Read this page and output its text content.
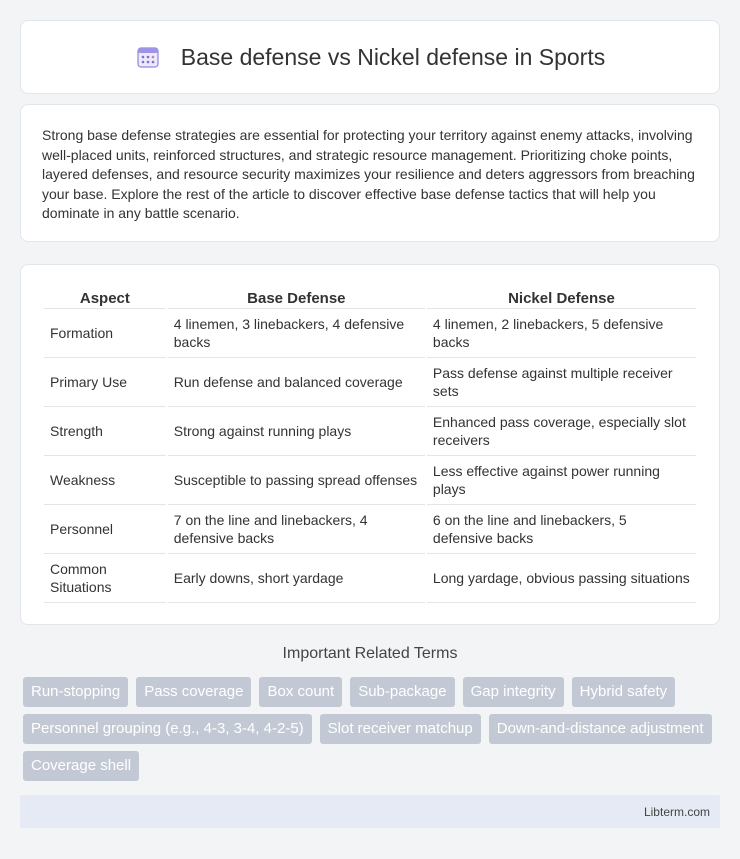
Base defense vs Nickel defense in Sports

Strong base defense strategies are essential for protecting your territory against enemy attacks, involving well-placed units, reinforced structures, and strategic resource management. Prioritizing choke points, layered defenses, and resource security maximizes your resilience and deters aggressors from breaching your base. Explore the rest of the article to discover effective base defense tactics that will help you dominate in any battle scenario.

Aspect	Base Defense	Nickel Defense
Formation	4 linemen, 3 linebackers, 4 defensive backs	4 linemen, 2 linebackers, 5 defensive backs
Primary Use	Run defense and balanced coverage	Pass defense against multiple receiver sets
Strength	Strong against running plays	Enhanced pass coverage, especially slot receivers
Weakness	Susceptible to passing spread offenses	Less effective against power running plays
Personnel	7 on the line and linebackers, 4 defensive backs	6 on the line and linebackers, 5 defensive backs
Common Situations	Early downs, short yardage	Long yardage, obvious passing situations
Important Related Terms
Run-stopping	Pass coverage	Box count	Sub-package	Gap integrity	Hybrid safety
Personnel grouping (e.g., 4-3, 3-4, 4-2-5)	Slot receiver matchup	Down-and-distance adjustment
Coverage shell
Libterm.com
